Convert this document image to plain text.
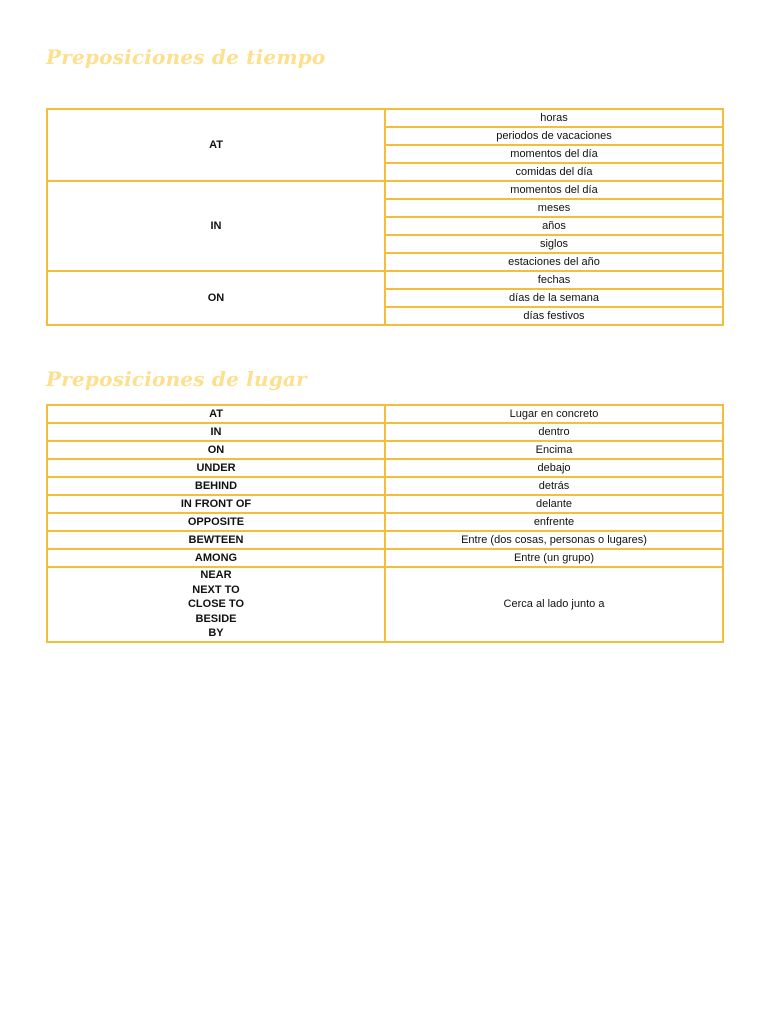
Preposiciones de tiempo
AT	horas
	periodos de vacaciones
	momentos del día
	comidas del día
IN	momentos del día
	meses
	años
	siglos
	estaciones del año
ON	fechas
	días de la semana
	días festivos
Preposiciones de lugar
AT	Lugar en concreto
IN	dentro
ON	Encima
UNDER	debajo
BEHIND	detrás
IN FRONT OF	delante
OPPOSITE	enfrente
BEWTEEN	Entre (dos cosas, personas o lugares)
AMONG	Entre (un grupo)

NEAR
NEXT TO
CLOSE TO
BESIDE
BY	Cerca al lado junto a
